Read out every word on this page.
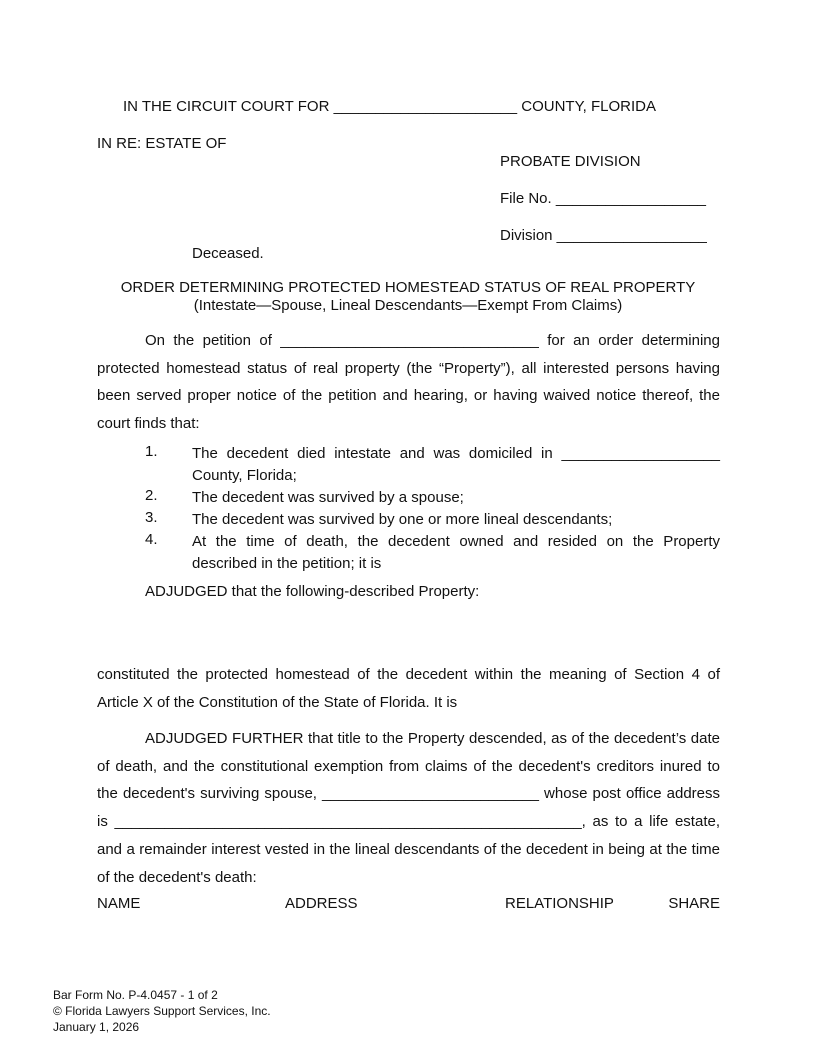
IN THE CIRCUIT COURT FOR ______________________ COUNTY, FLORIDA
IN RE: ESTATE OF
PROBATE DIVISION
File No. __________________
Division __________________
Deceased.
ORDER DETERMINING PROTECTED HOMESTEAD STATUS OF REAL PROPERTY
(Intestate—Spouse, Lineal Descendants—Exempt From Claims)
On the petition of _______________________________ for an order determining protected homestead status of real property (the “Property”), all interested persons having been served proper notice of the petition and hearing, or having waived notice thereof, the court finds that:
1. The decedent died intestate and was domiciled in ___________________ County, Florida;
2. The decedent was survived by a spouse;
3. The decedent was survived by one or more lineal descendants;
4. At the time of death, the decedent owned and resided on the Property described in the petition; it is
ADJUDGED that the following-described Property:
constituted the protected homestead of the decedent within the meaning of Section 4 of Article X of the Constitution of the State of Florida. It is
ADJUDGED FURTHER that title to the Property descended, as of the decedent’s date of death, and the constitutional exemption from claims of the decedent's creditors inured to the decedent's surviving spouse, __________________________ whose post office address is ________________________________________________________, as to a life estate, and a remainder interest vested in the lineal descendants of the decedent in being at the time of the decedent's death:
NAME	ADDRESS	RELATIONSHIP	SHARE
Bar Form No. P-4.0457 - 1 of 2
© Florida Lawyers Support Services, Inc.
January 1, 2026
